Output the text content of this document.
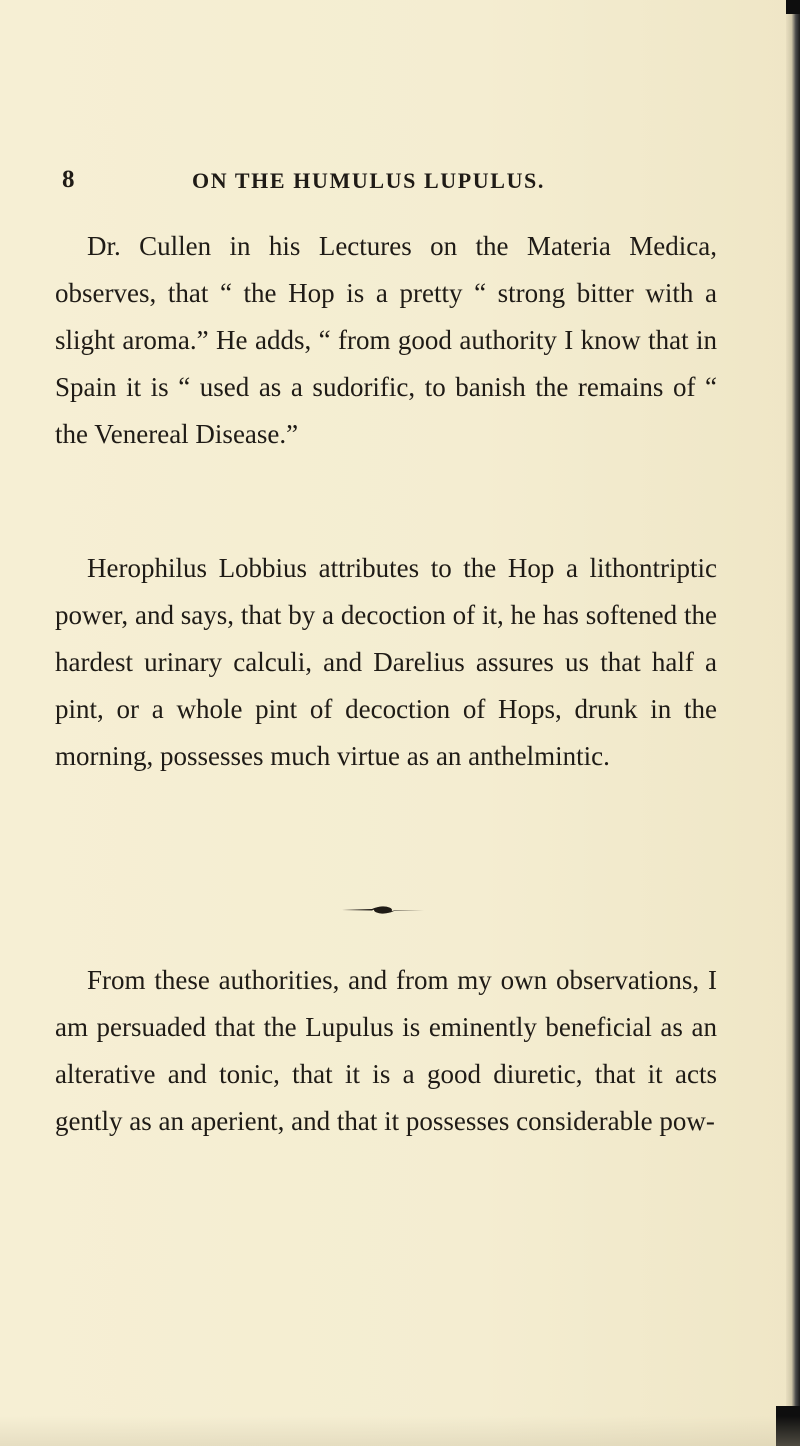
8	ON THE HUMULUS LUPULUS.

Dr. Cullen in his Lectures on the Materia Medica, observes, that “ the Hop is a pretty “ strong bitter with a slight aroma.” He adds, “ from good authority I know that in Spain it is “ used as a sudorific, to banish the remains of “ the Venereal Disease.”

Herophilus Lobbius attributes to the Hop a lithontriptic power, and says, that by a decoction of it, he has softened the hardest urinary calculi, and Darelius assures us that half a pint, or a whole pint of decoction of Hops, drunk in the morning, possesses much virtue as an anthelmintic.

From these authorities, and from my own observations, I am persuaded that the Lupulus is eminently beneficial as an alterative and tonic, that it is a good diuretic, that it acts gently as an aperient, and that it possesses considerable pow-
